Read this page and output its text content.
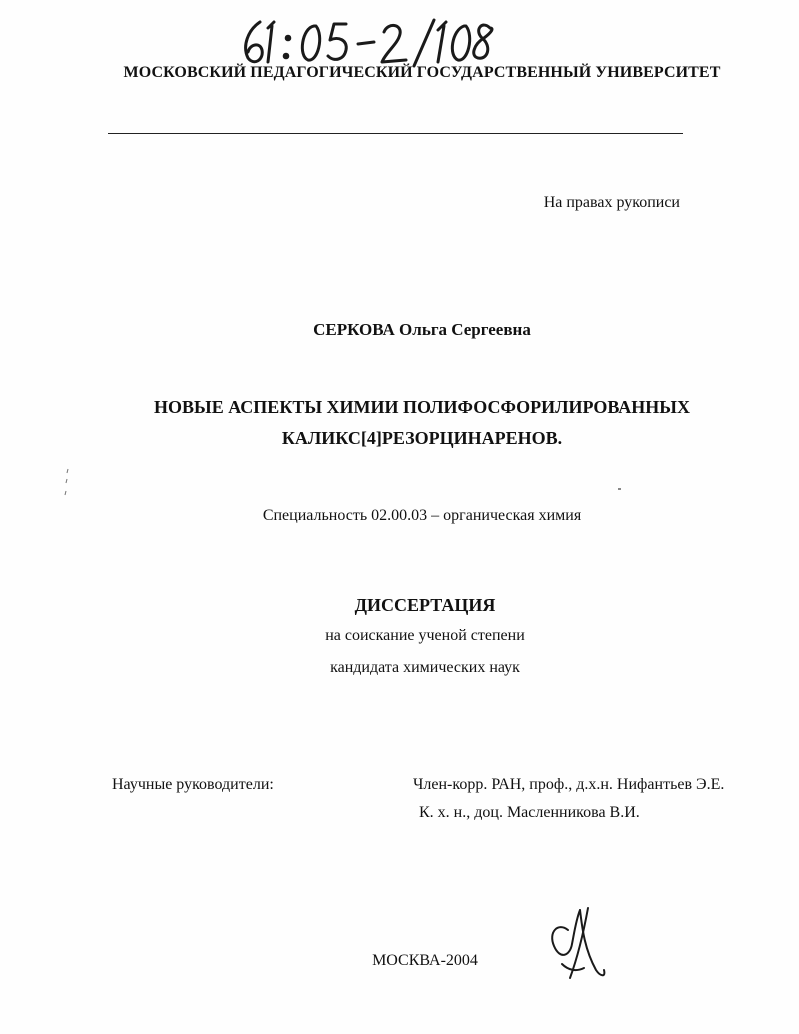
МОСКОВСКИЙ ПЕДАГОГИЧЕСКИЙ ГОСУДАРСТВЕННЫЙ УНИВЕРСИТЕТ
На правах рукописи
СЕРКОВА Ольга Сергеевна
НОВЫЕ АСПЕКТЫ ХИМИИ ПОЛИФОСФОРИЛИРОВАННЫХ
КАЛИКС[4]РЕЗОРЦИНАРЕНОВ.
Специальность 02.00.03 – органическая химия
ДИССЕРТАЦИЯ
на соискание ученой степени
кандидата химических наук
Научные руководители:	Член-корр. РАН, проф., д.х.н. Нифантьев Э.Е.
К. х. н., доц. Масленникова В.И.
МОСКВА-2004
